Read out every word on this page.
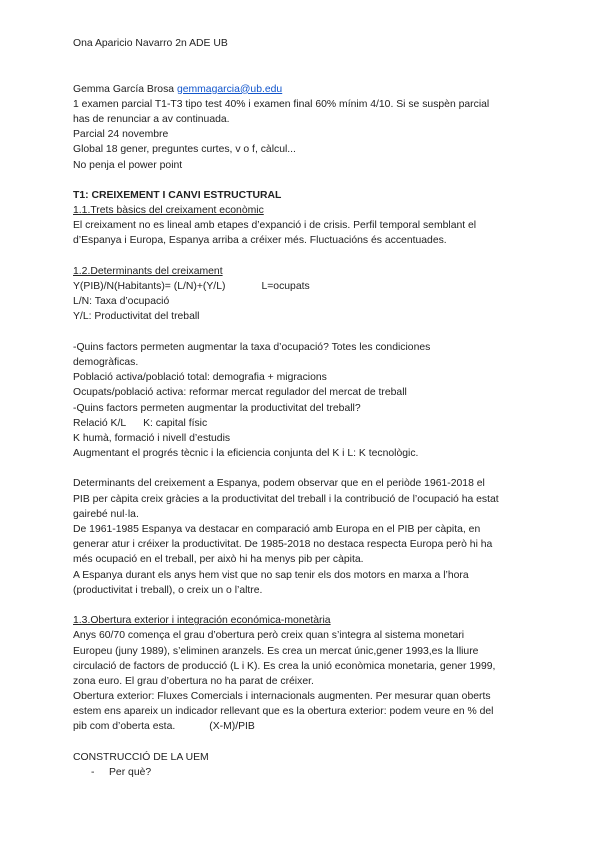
Ona Aparicio Navarro 2n ADE UB
Gemma García Brosa gemmagarcia@ub.edu
1 examen parcial T1-T3 tipo test 40% i examen final 60% mínim 4/10. Si se suspèn parcial
has de renunciar a av continuada.
Parcial 24 novembre
Global 18 gener, preguntes curtes, v o f, càlcul...
No penja el power point
T1: CREIXEMENT I CANVI ESTRUCTURAL
1.1.Trets bàsics del creixament econòmic
El creixament no es lineal amb etapes d’expanció i de crisis. Perfil temporal semblant el
d’Espanya i Europa, Espanya arriba a créixer més. Fluctuacións és accentuades.
1.2.Determinants del creixament
Y(PIB)/N(Habitants)= (L/N)+(Y/L)	L=ocupats
L/N: Taxa d’ocupació
Y/L: Productivitat del treball
-Quins factors permeten augmentar la taxa d’ocupació? Totes les condiciones
demogràficas.
Població activa/població total: demografia + migracions
Ocupats/població activa: reformar mercat regulador del mercat de treball
-Quins factors permeten augmentar la productivitat del treball?
Relació K/L      K: capital físic
K humà, formació i nivell d’estudis
Augmentant el progrés tècnic i la eficiencia conjunta del K i L: K tecnològic.
Determinants del creixement a Espanya, podem observar que en el periòde 1961-2018 el
PIB per càpita creix gràcies a la productivitat del treball i la contribució de l’ocupació ha estat
gairebé nul·la.
De 1961-1985 Espanya va destacar en comparació amb Europa en el PIB per càpita, en
generar atur i créixer la productivitat. De 1985-2018 no destaca respecta Europa però hi ha
més ocupació en el treball, per això hi ha menys pib per càpita.
A Espanya durant els anys hem vist que no sap tenir els dos motors en marxa a l’hora
(productivitat i treball), o creix un o l’altre.
1.3.Obertura exterior i integración económica-monetària
Anys 60/70 comença el grau d’obertura però creix quan s’integra al sistema monetari
Europeu (juny 1989), s’eliminen aranzels. Es crea un mercat únic,gener 1993,es la lliure
circulació de factors de producció (L i K). Es crea la unió econòmica monetaria, gener 1999,
zona euro. El grau d’obertura no ha parat de créixer.
Obertura exterior: Fluxes Comercials i internacionals augmenten. Per mesurar quan oberts
estem ens apareix un indicador rellevant que es la obertura exterior: podem veure en % del
pib com d’oberta esta.	(X-M)/PIB
CONSTRUCCIÓ DE LA UEM
- Per què?
